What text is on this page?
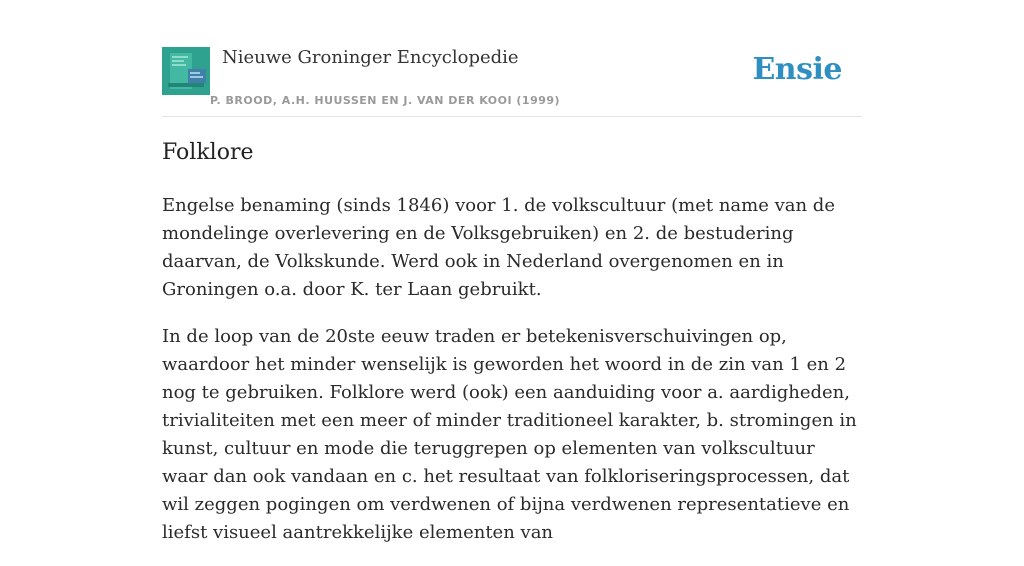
Nieuwe Groninger Encyclopedie
P. BROOD, A.H. HUUSSEN EN J. VAN DER KOOI (1999)
Ensie
Folklore

Engelse benaming (sinds 1846) voor 1. de volkscultuur (met name van de mondelinge overlevering en de Volksgebruiken) en 2. de bestudering daarvan, de Volkskunde. Werd ook in Nederland overgenomen en in Groningen o.a. door K. ter Laan gebruikt.

In de loop van de 20ste eeuw traden er betekenisverschuivingen op, waardoor het minder wenselijk is geworden het woord in de zin van 1 en 2 nog te gebruiken. Folklore werd (ook) een aanduiding voor a. aardigheden, trivialiteiten met een meer of minder traditioneel karakter, b. stromingen in kunst, cultuur en mode die teruggrepen op elementen van volkscultuur waar dan ook vandaan en c. het resultaat van folkloriseringsprocessen, dat wil zeggen pogingen om verdwenen of bijna verdwenen representatieve en liefst visueel aantrekkelijke elementen van
